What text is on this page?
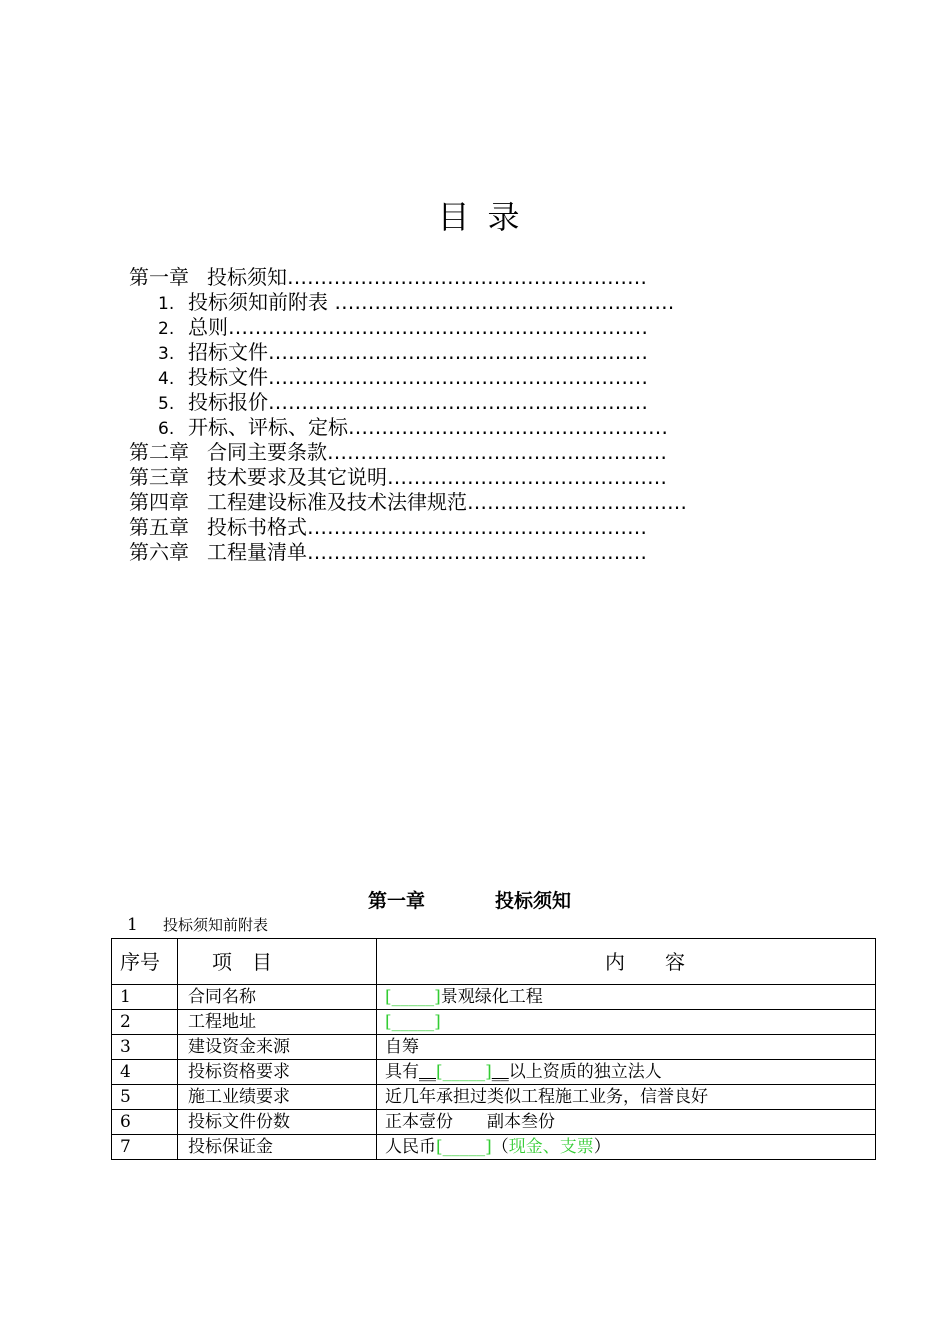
目录
第一章 投标须知………………………………………………
1. 投标须知前附表 ……………………………………………
2. 总则………………………………………………………
3. 招标文件…………………………………………………
4. 投标文件…………………………………………………
5. 投标报价…………………………………………………
6. 开标、评标、定标…………………………………………
第二章 合同主要条款……………………………………………
第三章 技术要求及其它说明……………………………………
第四章 工程建设标准及技术法律规范……………………………
第五章 投标书格式……………………………………………
第六章 工程量清单……………………………………………
第一章	投标须知
1 投标须知前附表
序号	项　目	内　　容
1	合同名称	[_____]景观绿化工程
2	工程地址	[_____]
3	建设资金来源	自筹
4	投标资格要求	具有__[_____]__以上资质的独立法人
5	施工业绩要求	近几年承担过类似工程施工业务，信誉良好
6	投标文件份数	正本壹份　　副本叁份
7	投标保证金	人民币[_____]（现金、支票）
